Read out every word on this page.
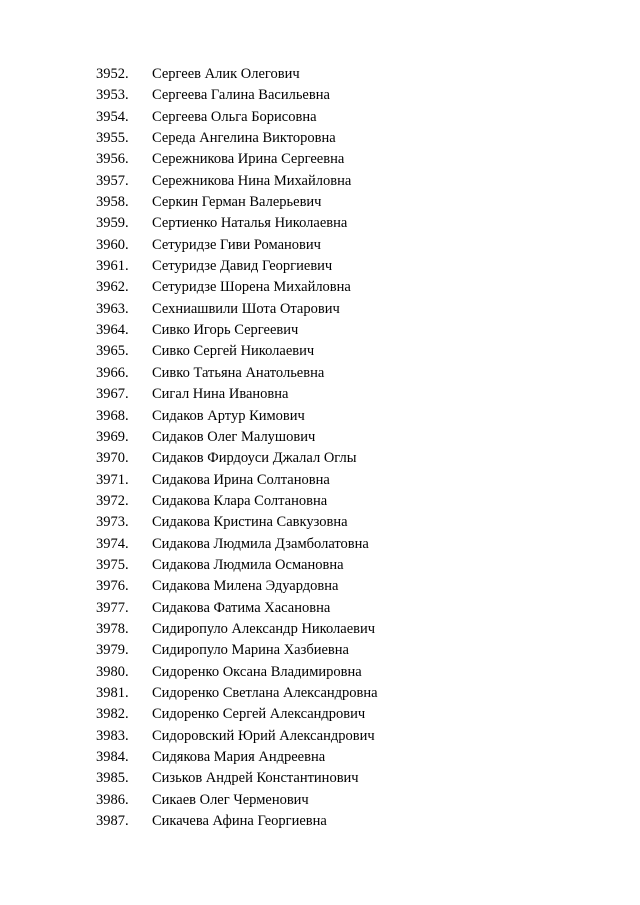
3952.	Сергеев Алик Олегович
3953.	Сергеева Галина Васильевна
3954.	Сергеева Ольга Борисовна
3955.	Середа Ангелина Викторовна
3956.	Сережникова Ирина Сергеевна
3957.	Сережникова Нина Михайловна
3958.	Серкин Герман Валерьевич
3959.	Сертиенко Наталья Николаевна
3960.	Сетуридзе Гиви Романович
3961.	Сетуридзе Давид Георгиевич
3962.	Сетуридзе Шорена Михайловна
3963.	Сехниашвили Шота Отарович
3964.	Сивко Игорь Сергеевич
3965.	Сивко Сергей Николаевич
3966.	Сивко Татьяна Анатольевна
3967.	Сигал Нина Ивановна
3968.	Сидаков Артур Кимович
3969.	Сидаков Олег Малушович
3970.	Сидаков Фирдоуси Джалал Оглы
3971.	Сидакова Ирина Солтановна
3972.	Сидакова Клара Солтановна
3973.	Сидакова Кристина Савкузовна
3974.	Сидакова Людмила Дзамболатовна
3975.	Сидакова Людмила Османовна
3976.	Сидакова Милена Эдуардовна
3977.	Сидакова Фатима Хасановна
3978.	Сидиропуло Александр Николаевич
3979.	Сидиропуло Марина Хазбиевна
3980.	Сидоренко Оксана Владимировна
3981.	Сидоренко Светлана Александровна
3982.	Сидоренко Сергей Александрович
3983.	Сидоровский Юрий Александрович
3984.	Сидякова Мария Андреевна
3985.	Сизьков Андрей Константинович
3986.	Сикаев Олег Черменович
3987.	Сикачева Афина Георгиевна
